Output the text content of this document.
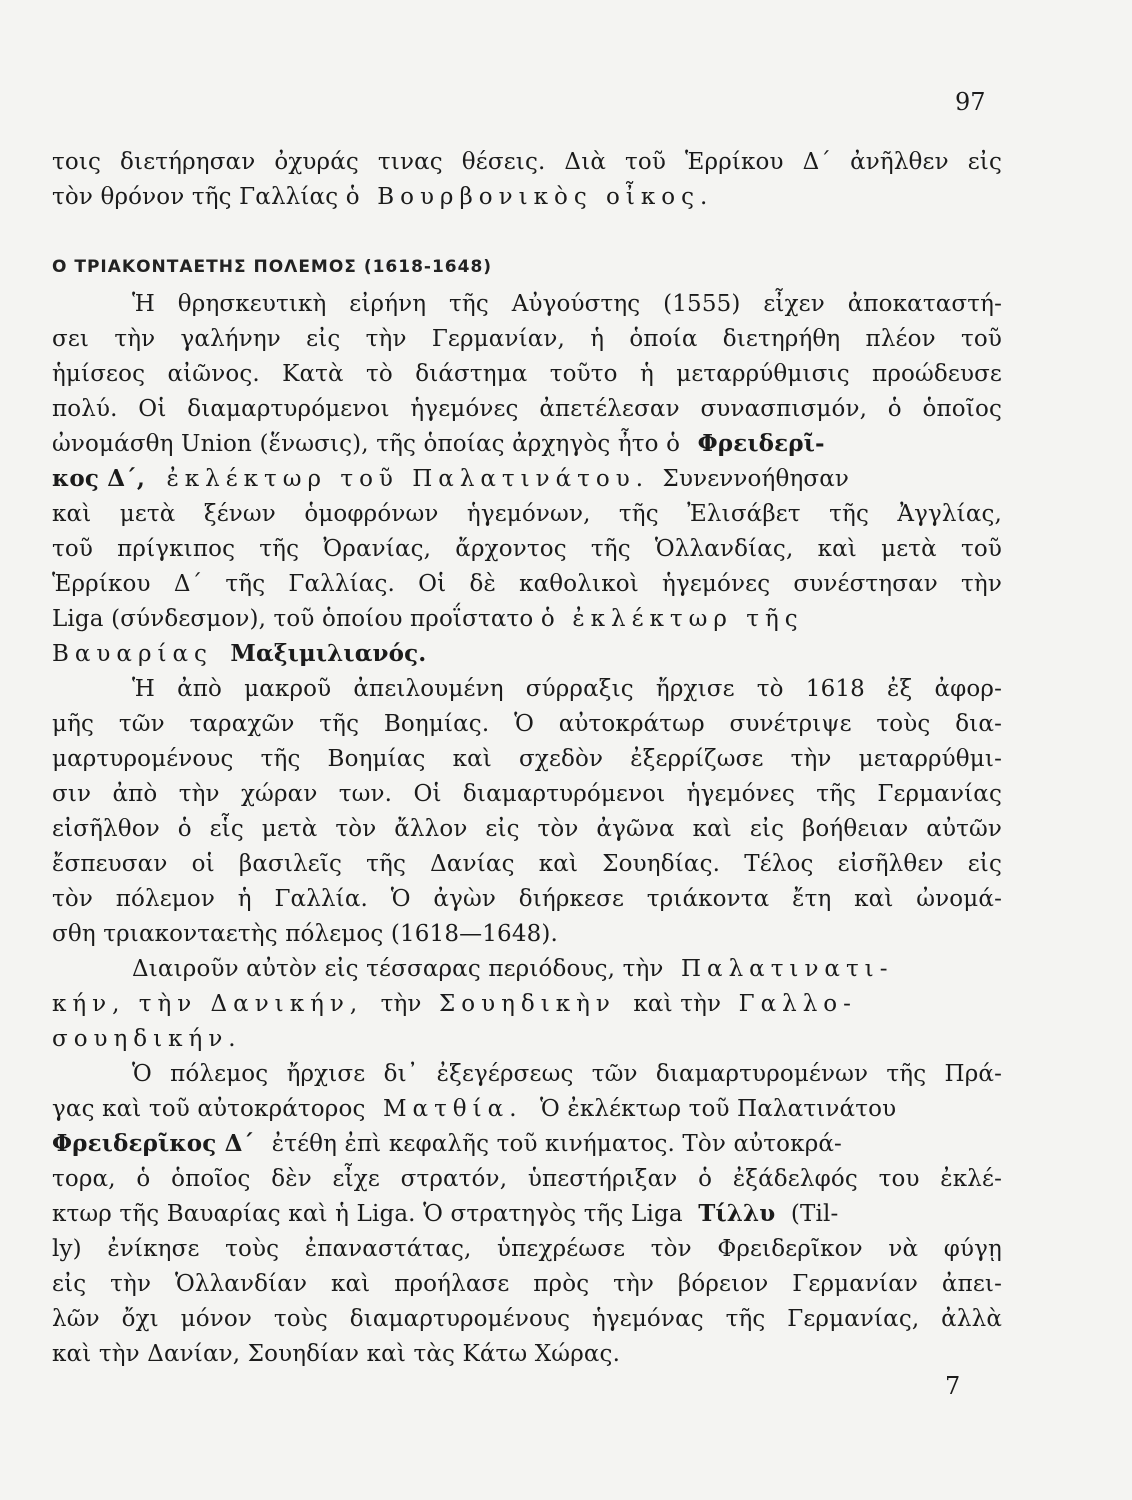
97
τοις διετήρησαν ὀχυράς τινας θέσεις. Διὰ τοῦ Ἑρρίκου Δ΄ ἀνῆλθεν εἰς
τὸν θρόνον τῆς Γαλλίας ὁ Βουρβονικὸς οἶκος.
Ο ΤΡΙΑΚΟΝΤΑΕΤΗΣ ΠΟΛΕΜΟΣ (1618-1648)
Ἡ θρησκευτικὴ εἰρήνη τῆς Αὐγούστης (1555) εἶχεν ἀποκαταστή-
σει τὴν γαλήνην εἰς τὴν Γερμανίαν, ἡ ὁποία διετηρήθη πλέον τοῦ
ἡμίσεος αἰῶνος. Κατὰ τὸ διάστημα τοῦτο ἡ μεταρρύθμισις προώδευσε
πολύ. Οἱ διαμαρτυρόμενοι ἡγεμόνες ἀπετέλεσαν συνασπισμόν, ὁ ὁποῖος
ὠνομάσθη Union (ἕνωσις), τῆς ὁποίας ἀρχηγὸς ἦτο ὁ Φρειδερῖ-
κος Δ΄, ἐκλέκτωρ τοῦ Παλατινάτου. Συνεννοήθησαν
καὶ μετὰ ξένων ὁμοφρόνων ἡγεμόνων, τῆς Ἐλισάβετ τῆς Ἀγγλίας,
τοῦ πρίγκιπος τῆς Ὀρανίας, ἄρχοντος τῆς Ὁλλανδίας, καὶ μετὰ τοῦ
Ἑρρίκου Δ΄ τῆς Γαλλίας. Οἱ δὲ καθολικοὶ ἡγεμόνες συνέστησαν τὴν
Liga (σύνδεσμον), τοῦ ὁποίου προΐστατο ὁ ἐκλέκτωρ τῆς
Βαυαρίας Μαξιμιλιανός.
Ἡ ἀπὸ μακροῦ ἀπειλουμένη σύρραξις ἤρχισε τὸ 1618 ἐξ ἀφορ-
μῆς τῶν ταραχῶν τῆς Βοημίας. Ὁ αὐτοκράτωρ συνέτριψε τοὺς δια-
μαρτυρομένους τῆς Βοημίας καὶ σχεδὸν ἐξερρίζωσε τὴν μεταρρύθμι-
σιν ἀπὸ τὴν χώραν των. Οἱ διαμαρτυρόμενοι ἡγεμόνες τῆς Γερμανίας
εἰσῆλθον ὁ εἷς μετὰ τὸν ἄλλον εἰς τὸν ἀγῶνα καὶ εἰς βοήθειαν αὐτῶν
ἔσπευσαν οἱ βασιλεῖς τῆς Δανίας καὶ Σουηδίας. Τέλος εἰσῆλθεν εἰς
τὸν πόλεμον ἡ Γαλλία. Ὁ ἀγὼν διήρκεσε τριάκοντα ἔτη καὶ ὠνομά-
σθη τριακονταετὴς πόλεμος (1618—1648).
Διαιροῦν αὐτὸν εἰς τέσσαρας περιόδους, τὴν Παλατινατι-
κήν, τὴν Δανικήν, τὴν Σουηδικὴν καὶ τὴν Γαλλο-
σουηδικήν.
Ὁ πόλεμος ἤρχισε δι᾿ ἐξεγέρσεως τῶν διαμαρτυρομένων τῆς Πρά-
γας καὶ τοῦ αὐτοκράτορος Ματθία. Ὁ ἐκλέκτωρ τοῦ Παλατινάτου
Φρειδερῖκος Δ΄ ἐτέθη ἐπὶ κεφαλῆς τοῦ κινήματος. Τὸν αὐτοκρά-
τορα, ὁ ὁποῖος δὲν εἶχε στρατόν, ὑπεστήριξαν ὁ ἐξάδελφός του ἐκλέ-
κτωρ τῆς Βαυαρίας καὶ ἡ Liga. Ὁ στρατηγὸς τῆς Liga Τίλλυ (Til-
ly) ἐνίκησε τοὺς ἐπαναστάτας, ὑπεχρέωσε τὸν Φρειδερῖκον νὰ φύγῃ
εἰς τὴν Ὁλλανδίαν καὶ προήλασε πρὸς τὴν βόρειον Γερμανίαν ἀπει-
λῶν ὄχι μόνον τοὺς διαμαρτυρομένους ἡγεμόνας τῆς Γερμανίας, ἀλλὰ
καὶ τὴν Δανίαν, Σουηδίαν καὶ τὰς Κάτω Χώρας.
7
